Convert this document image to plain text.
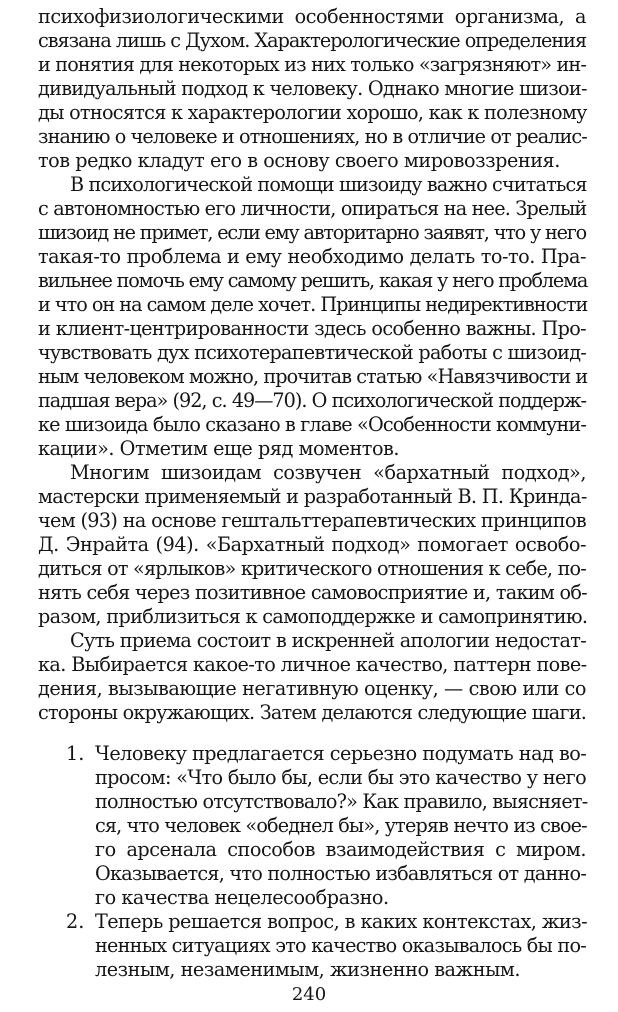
психофизиологическими особенностями организма, а
связана лишь с Духом. Характерологические определения
и понятия для некоторых из них только «загрязняют» ин-
дивидуальный подход к человеку. Однако многие шизои-
ды относятся к характерологии хорошо, как к полезному
знанию о человеке и отношениях, но в отличие от реалис-
тов редко кладут его в основу своего мировоззрения.
В психологической помощи шизоиду важно считаться
с автономностью его личности, опираться на нее. Зрелый
шизоид не примет, если ему авторитарно заявят, что у него
такая-то проблема и ему необходимо делать то-то. Пра-
вильнее помочь ему самому решить, какая у него проблема
и что он на самом деле хочет. Принципы недирективности
и клиент-центрированности здесь особенно важны. Про-
чувствовать дух психотерапевтической работы с шизоид-
ным человеком можно, прочитав статью «Навязчивости и
падшая вера» (92, с. 49—70). О психологической поддерж-
ке шизоида было сказано в главе «Особенности коммуни-
кации». Отметим еще ряд моментов.
Многим шизоидам созвучен «бархатный подход»,
мастерски применяемый и разработанный В. П. Кринда-
чем (93) на основе гештальттерапевтических принципов
Д. Энрайта (94). «Бархатный подход» помогает освобо-
диться от «ярлыков» критического отношения к себе, по-
нять себя через позитивное самовосприятие и, таким об-
разом, приблизиться к самоподдержке и самопринятию.
Суть приема состоит в искренней апологии недостат-
ка. Выбирается какое-то личное качество, паттерн пове-
дения, вызывающие негативную оценку, — свою или со
стороны окружающих. Затем делаются следующие шаги.
1. Человеку предлагается серьезно подумать над во-
просом: «Что было бы, если бы это качество у него
полностью отсутствовало?» Как правило, выясняет-
ся, что человек «обеднел бы», утеряв нечто из свое-
го арсенала способов взаимодействия с миром.
Оказывается, что полностью избавляться от данно-
го качества нецелесообразно.
2. Теперь решается вопрос, в каких контекстах, жиз-
ненных ситуациях это качество оказывалось бы по-
лезным, незаменимым, жизненно важным.
240
